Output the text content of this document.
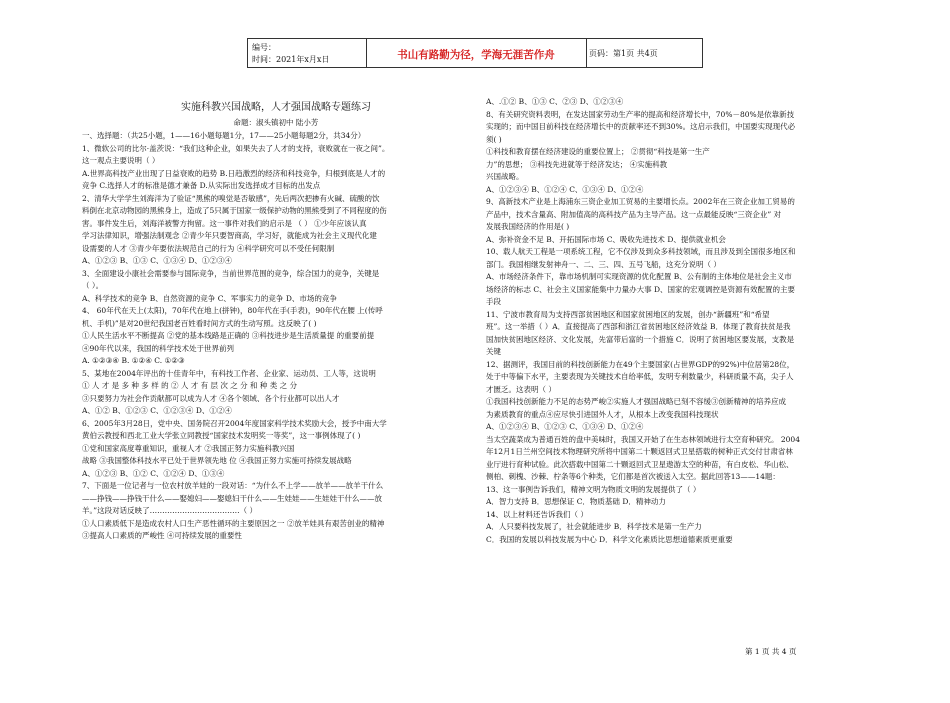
编号：
时间：2021年x月x日	书山有路勤为径，学海无涯苦作舟	页码：第1页 共4页
实施科教兴国战略，人才强国战略专题练习
命题：淑头镇初中 陆小芳
一、选择题：（共25小题，1——16小题每题1分，17——25小题每题2分，共34分）
1、微软公司的比尔·盖茨说：“我们这种企业，如果失去了人才的支持，衰败就在一夜之间”。
这一观点主要说明（ ）
A.世界高科技产业出现了日益衰败的趋势 B.日趋激烈的经济和科技竞争，归根到底是人才的
竞争 C.选择人才的标准是德才兼备 D.从实际出发选择成才目标的出发点
2、清华大学学生刘海洋为了验证“黑熊的嗅觉是否敏感”，先后两次把掺有火碱、硫酸的饮
料倒在北京动物园的黑熊身上，造成了5只属于国家一级保护动物的黑熊受到了不同程度的伤
害。事件发生后，刘海洋被警方拘留。这一事件对我们的启示是 （ ） ①少年应该认真
学习法律知识，增强法制观念 ②青少年只要智商高，学习好，就能成为社会主义现代化建
设需要的人才 ③青少年要依法规范自己的行为 ④科学研究可以不受任何限制
A、①②③ B、①③ C、①③④ D、①②③④
3、全面建设小康社会需要参与国际竞争，当前世界范围的竞争，综合国力的竞争，关键是
（ ）。
A、科学技术的竞争 B、自然资源的竞争 C、军事实力的竞争 D、市场的竞争
4、 60年代在天上(太阳)，70年代在地上(拼钟)，80年代在手(手表)，90年代在腰 上(传呼
机、手机)”是对20世纪我国老百姓看时间方式的生动写照。这反映了( )
①人民生活水平不断提高 ②党的基本线路是正确的 ③科技进步是生活质量提 的重要前提
④90年代以来，我国的科学技术处于世界前列
A. ①②③④ B. ①②④ C. ①②③
5、某地在2004年评出的十佳青年中，有科技工作者、企业家、运动员、工人等，这说明
① 人 才 是 多 种 多 样 的 ② 人 才 有 层 次 之 分 和 种 类 之 分
③只要努力为社会作贡献都可以成为人才 ④各个领域、各个行业都可以出人才
A、①② B、①②③ C、①②③④ D、①②④
6、2005年3月28日，党中央、国务院召开2004年度国家科学技术奖励大会，授予中南大学
黄伯云教授和西北工业大学张立同教授“国家技术发明奖一等奖”，这一事例体现了( )
①党和国家高度尊重知识，重视人才 ②我国正努力实施科教兴国
战略 ③我国整体科技水平已处于世界领先地 位 ④我国正努力实施可持续发展战略
A、①②③ B、①② C、①②④ D、①③④
7、下面是一位记者与一位农村放羊娃的一段对话：“为什么不上学——放羊——放羊干什么
——挣钱——挣钱干什么——娶媳妇——娶媳妇干什么——生娃娃——生娃娃干什么——放
羊。”这段对话反映了………………………………（ ）
①人口素质低下是造成农村人口生产恶性循环的主要原因之一 ②放羊娃具有艰苦创业的精神
③提高人口素质的严峻性 ④可持续发展的重要性
A、.①② B、①③ C、②③ D、①②③④
8、有关研究资料表明，在发达国家劳动生产率的提高和经济增长中，70%－80%是依靠新技
实现的；而中国目前科技在经济增长中的贡献率还不到30%。这启示我们，中国要实现现代必
须( )
①科技和教育摆在经济建设的重要位置上； ②贯彻“科技是第一生产
力”的思想； ③科技先进就等于经济发达； ④实施科教
兴国战略。
A、①②③④ B、①②④ C、①③④ D、①②④
9、高新技术产业是上海浦东三资企业加工贸易的主要增长点。2002年在三资企业加工贸易的
产品中，技术含量高、附加值高的高科技产品为主导产品。这一点最能反映“三资企业” 对
发展我国经济的作用是( )
A、弥补资金不足 B、开拓国际市场 C、吸收先进技术 D、提供就业机会
10、载人航天工程是一项系统工程，它不仅涉及到众多科技领域，而且涉及到全国很多地区和
部门。我国相继发射神舟一、二、三、四、五号飞船，这充分说明（ ）
A、市场经济条件下，靠市场机制可实现资源的优化配置 B、公有制的主体地位是社会主义市
场经济的标志 C、社会主义国家能集中力量办大事 D、国家的宏观调控是资源有效配置的主要
手段
11、宁波市教育局为支持西部贫困地区和国家贫困地区的发展，创办“新疆班”和“希望
班”。这一举措（ ）A．直接提高了西部和浙江省贫困地区经济效益 B．体现了教育扶贫是我
国加快贫困地区经济、文化发展，先富带后富的一个措施 C．说明了贫困地区要发展，支教是
关键
12、据测评，我国目前的科技创新能力在49个主要国家(占世界GDP的92%)中位居第28位，
处于中等偏下水平，主要表现为关键技术自给率低，发明专利数量少，科研质量不高，尖子人
才匮乏。这表明（ ）
①我国科技创新能力不足的态势严峻②实施人才强国战略已刻不容缓③创新精神的培养应成
为素质教育的重点④应尽快引进国外人才，从根本上改变我国科技现状
A、①②③④ B、①②③ C、①③④ D、①②④
当太空蔬菜成为普通百姓的盘中美味时，我国又开始了在生态林领域进行太空育种研究。 2004
年12月1日兰州空间技术物理研究所将中国第二十颗返回式卫星搭载的树种正式交付甘肃省林
业厅进行育种试验。此次搭载中国第二十颗返回式卫星遨游太空的种苗，有白皮松、华山松、
侧柏、刺槐、沙棘、柠条等6个种类，它们都是首次被送入太空。据此回答13——14题：
13、这一事例告诉我们，精神文明为物质文明的发展提供了（ ）
A．智力支持 B．思想保证 C．物质基础 D．精神动力
14、以上材料还告诉我们（ ）
A．人只要科技发展了，社会就能进步 B．科学技术是第一生产力
C．我国的发展以科技发展为中心 D．科学文化素质比思想道德素质更重要
第 1 页 共 4 页
